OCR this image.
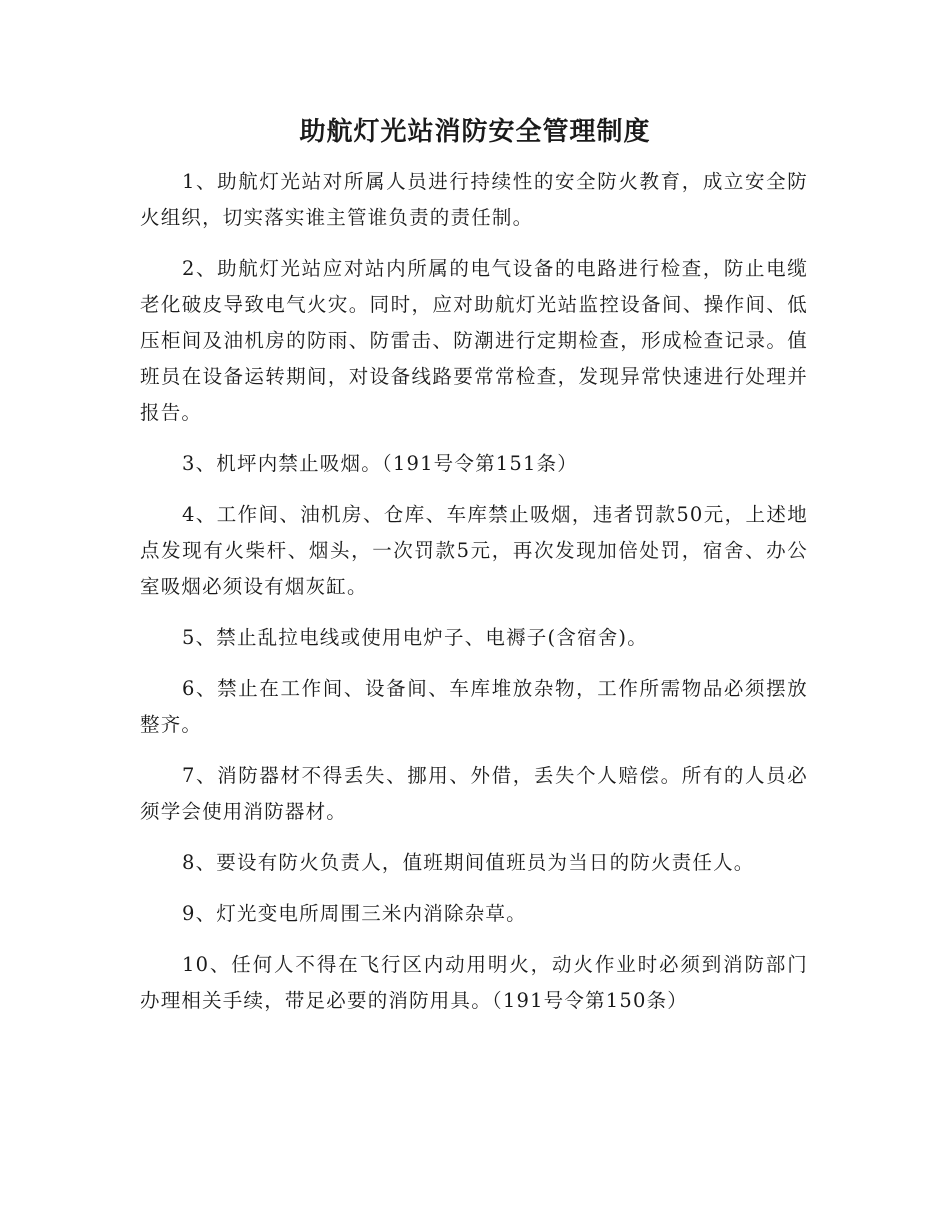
助航灯光站消防安全管理制度

1、助航灯光站对所属人员进行持续性的安全防火教育，成立安全防火组织，切实落实谁主管谁负责的责任制。

2、助航灯光站应对站内所属的电气设备的电路进行检查，防止电缆老化破皮导致电气火灾。同时，应对助航灯光站监控设备间、操作间、低压柜间及油机房的防雨、防雷击、防潮进行定期检查，形成检查记录。值班员在设备运转期间，对设备线路要常常检查，发现异常快速进行处理并报告。

3、机坪内禁止吸烟。（191号令第151条）

4、工作间、油机房、仓库、车库禁止吸烟，违者罚款50元，上述地点发现有火柴杆、烟头，一次罚款5元，再次发现加倍处罚，宿舍、办公室吸烟必须设有烟灰缸。

5、禁止乱拉电线或使用电炉子、电褥子(含宿舍)。

6、禁止在工作间、设备间、车库堆放杂物，工作所需物品必须摆放整齐。

7、消防器材不得丢失、挪用、外借，丢失个人赔偿。所有的人员必须学会使用消防器材。

8、要设有防火负责人，值班期间值班员为当日的防火责任人。

9、灯光变电所周围三米内消除杂草。

10、任何人不得在飞行区内动用明火，动火作业时必须到消防部门办理相关手续，带足必要的消防用具。（191号令第150条）
